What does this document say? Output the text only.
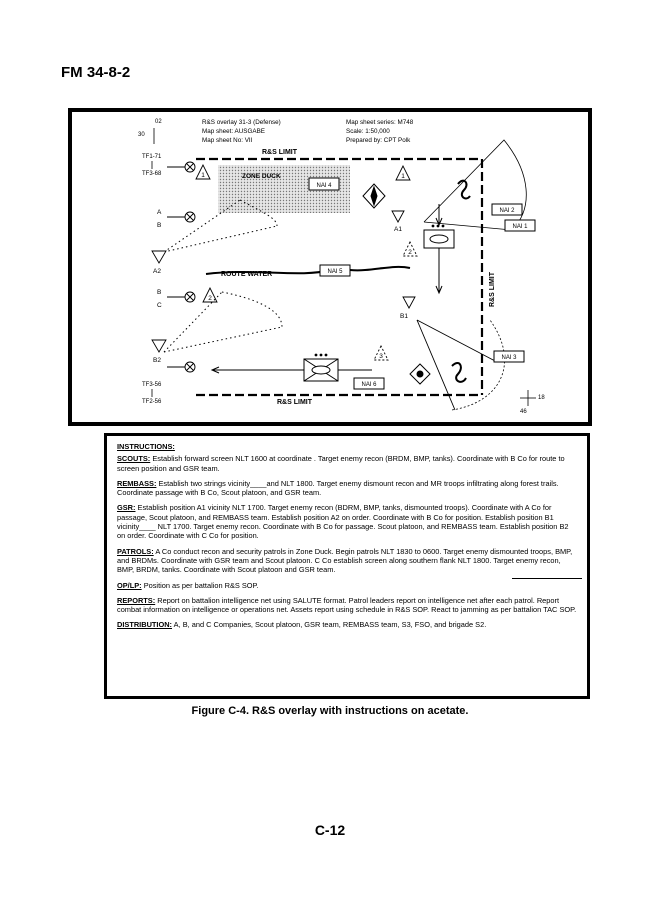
FM 34-8-2
R&S overlay 31-3 (Defense)
Map sheet: AUSGABE
Map sheet No: VII
Map sheet series: M748
Scale: 1:50,000
Prepared by: CPT Polk
02
30
TF1-71
TF3-68
TF3-56
TF2-56
18
46
A
B
B
C
R&S LIMIT
R&S LIMIT
R&S LIMIT
ZONE DUCK
1	1
2
2
3
ROUTE WATER
A1
A2
B1
B2
NAI 1
NAI 2
NAI 3
NAI 4
NAI 5
NAI 6
INSTRUCTIONS:

SCOUTS: Establish forward screen NLT 1600 at coordinate . Target enemy recon (BRDM, BMP, tanks). Coordinate with B Co for route to screen position and GSR team.

REMBASS: Establish two strings vicinity____and NLT 1800. Target enemy dismount recon and MR troops infiltrating along forest trails. Coordinate passage with B Co, Scout platoon, and GSR team.

GSR: Establish position A1 vicinity NLT 1700. Target enemy recon (BDRM, BMP, tanks, dismounted troops). Coordinate with A Co for passage, Scout platoon, and REMBASS team. Establish position A2 on order. Coordinate with B Co for position. Establish position B1 vicinity____ NLT 1700. Target enemy recon. Coordinate with B Co for passage. Scout platoon, and REMBASS team. Establish position B2 on order. Coordinate with C Co for position.

PATROLS: A Co conduct recon and security patrols in Zone Duck. Begin patrols NLT 1830 to 0600. Target enemy dismounted troops, BMP, and BRDMs. Coordinate with GSR team and Scout platoon. C Co establish screen along southern flank NLT 1800. Target enemy recon, BMP, BRDM, tanks. Coordinate with Scout platoon and GSR team.

OP/LP: Position as per battalion R&S SOP.

REPORTS: Report on battalion intelligence net using SALUTE format. Patrol leaders report on intelligence net after each patrol. Report combat information on intelligence or operations net. Assets report using schedule in R&S SOP. React to jamming as per battalion TAC SOP.

DISTRIBUTION: A, B, and C Companies, Scout platoon, GSR team, REMBASS team, S3, FSO, and brigade S2.

Figure C-4. R&S overlay with instructions on acetate.
C-12
